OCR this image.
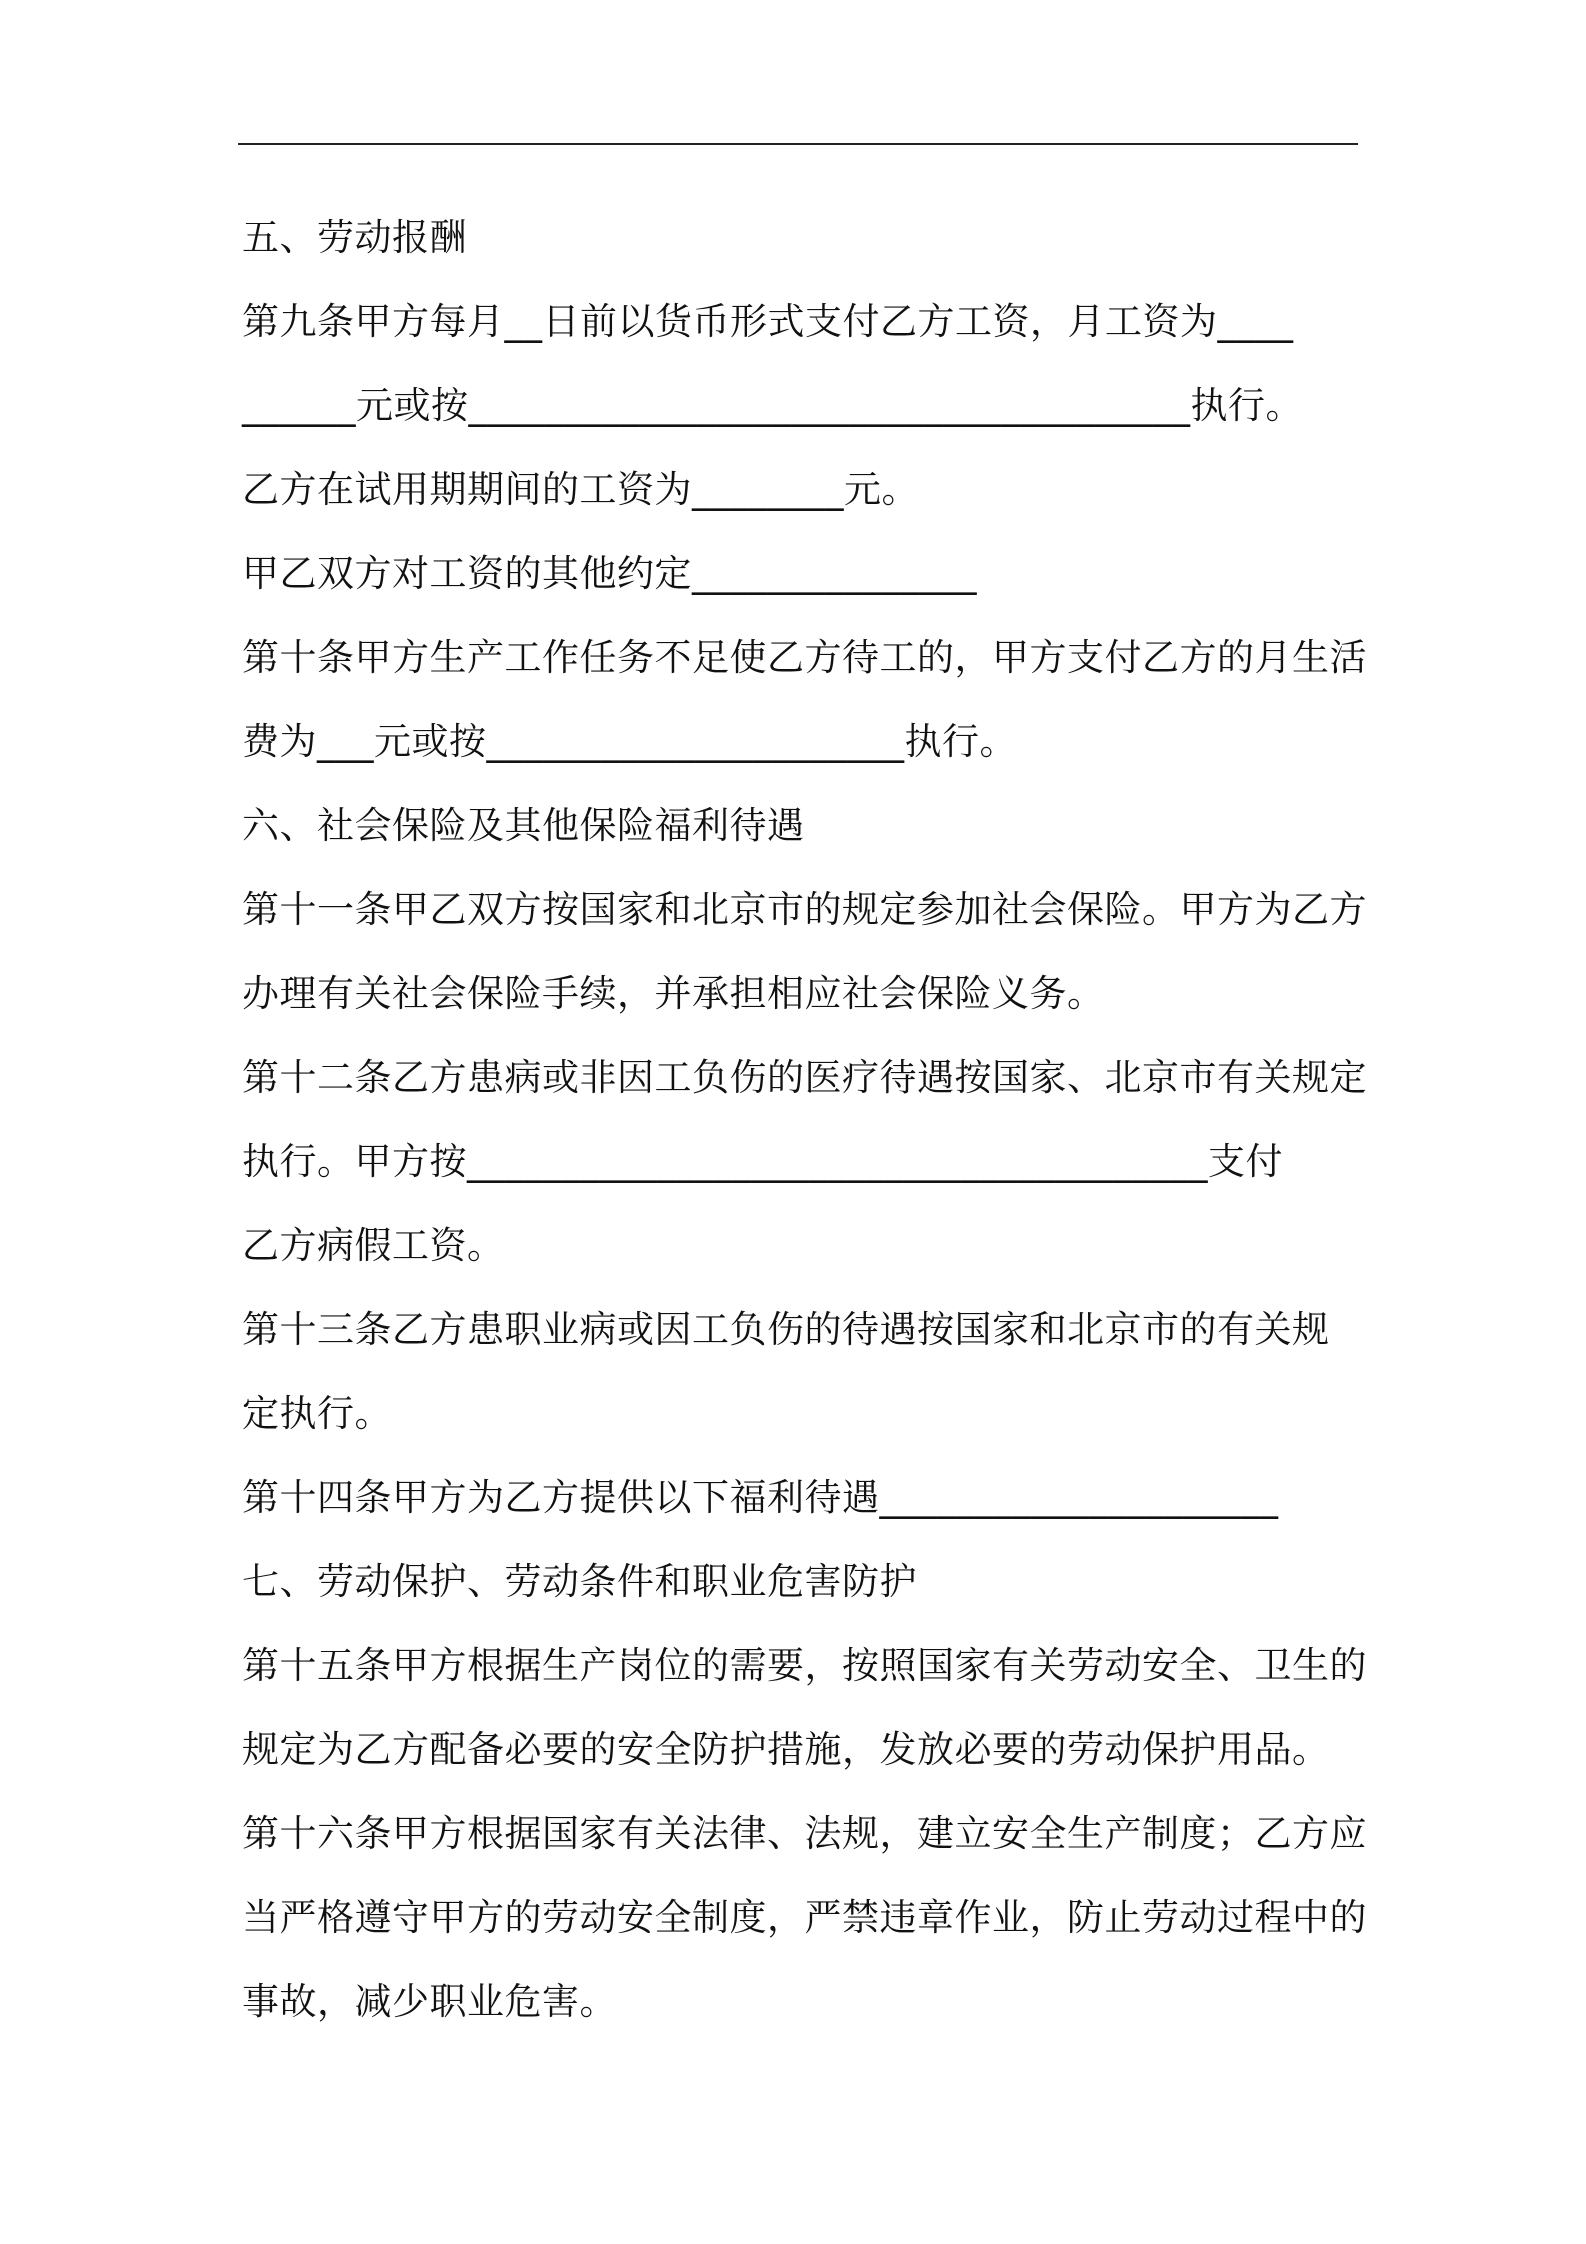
五、劳动报酬
第九条甲方每月__日前以货币形式支付乙方工资，月工资为____
______元或按______________________________________执行。
乙方在试用期期间的工资为________元。
甲乙双方对工资的其他约定_______________
第十条甲方生产工作任务不足使乙方待工的，甲方支付乙方的月生活
费为___元或按______________________执行。
六、社会保险及其他保险福利待遇
第十一条甲乙双方按国家和北京市的规定参加社会保险。甲方为乙方
办理有关社会保险手续，并承担相应社会保险义务。
第十二条乙方患病或非因工负伤的医疗待遇按国家、北京市有关规定
执行。甲方按_______________________________________支付
乙方病假工资。
第十三条乙方患职业病或因工负伤的待遇按国家和北京市的有关规
定执行。
第十四条甲方为乙方提供以下福利待遇_____________________
七、劳动保护、劳动条件和职业危害防护
第十五条甲方根据生产岗位的需要，按照国家有关劳动安全、卫生的
规定为乙方配备必要的安全防护措施，发放必要的劳动保护用品。
第十六条甲方根据国家有关法律、法规，建立安全生产制度；乙方应
当严格遵守甲方的劳动安全制度，严禁违章作业，防止劳动过程中的
事故，减少职业危害。
